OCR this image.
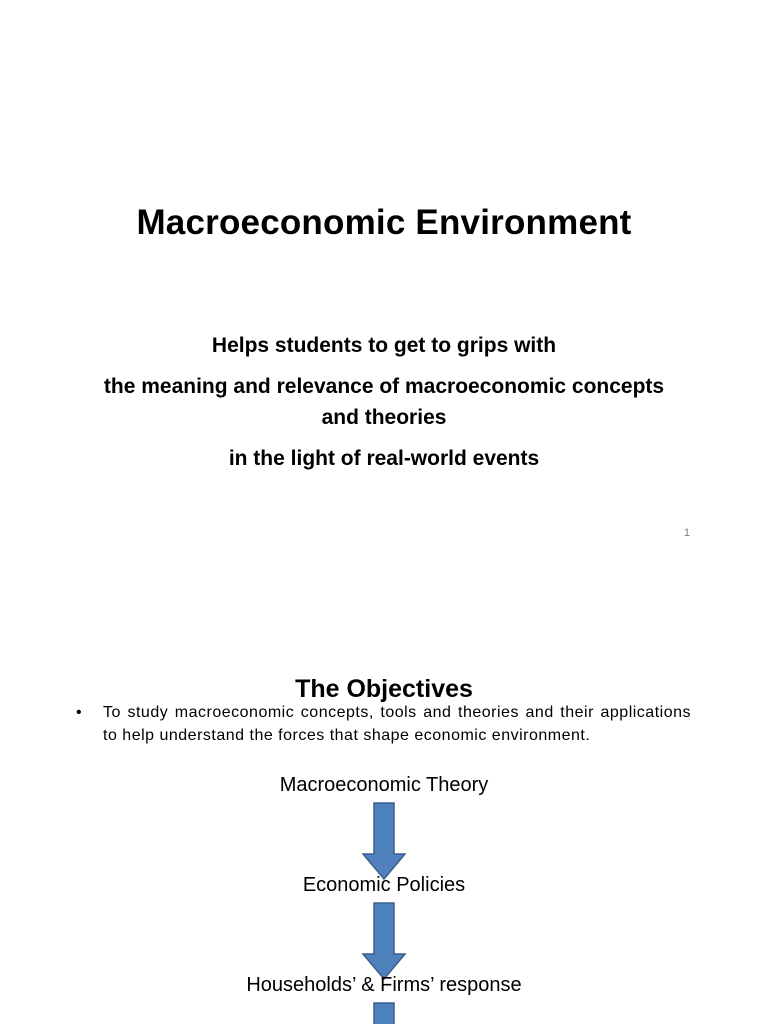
Macroeconomic Environment
Helps students to get to grips with
the meaning and relevance of macroeconomic concepts and theories
in the light of real-world events
1
The Objectives
•	To study macroeconomic concepts, tools and theories and their applications to help understand the forces that shape economic environment.
Macroeconomic Theory
Economic Policies
Households’ & Firms’ response
